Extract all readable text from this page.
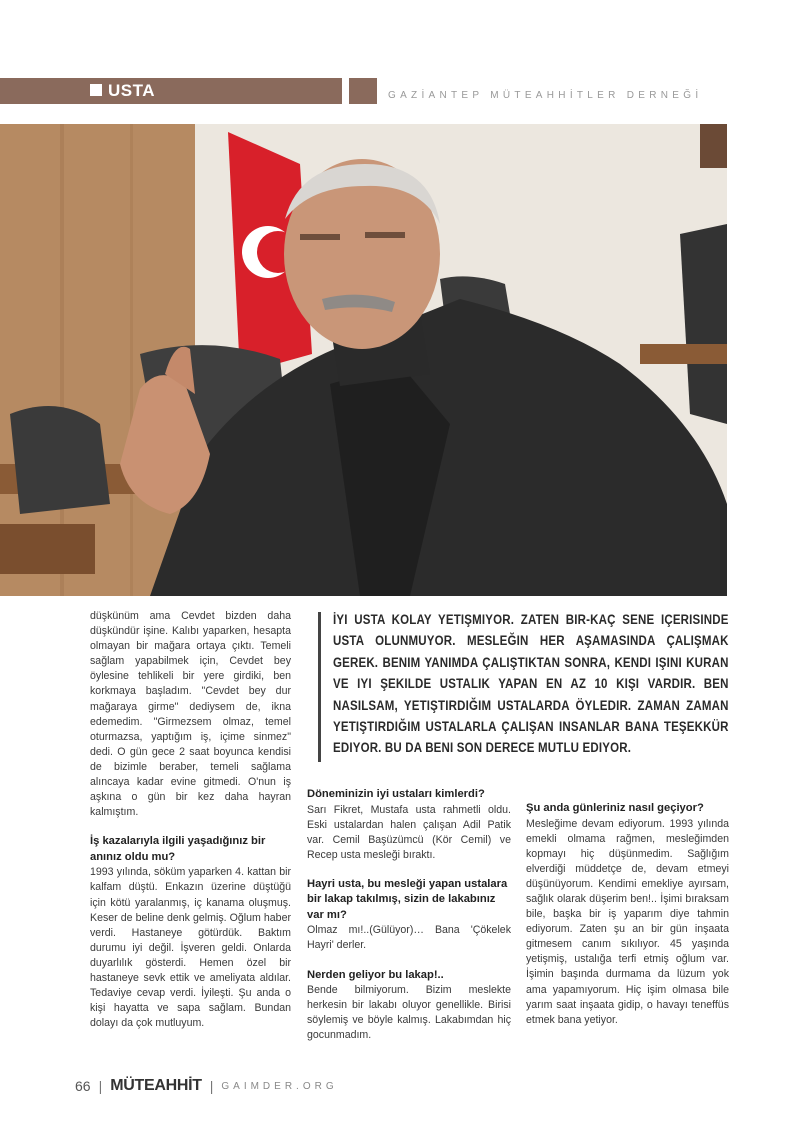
USTA	GAZİANTEP MÜTEAHHİTLER DERNEĞİ

düşkünüm ama Cevdet bizden daha düşkündür işine. Kalıbı yaparken, hesapta olmayan bir mağara ortaya çıktı. Temeli sağlam yapabilmek için, Cevdet bey öylesine tehlikeli bir yere girdiki, ben korkmaya başladım. "Cevdet bey dur mağaraya girme" dediysem de, ikna edemedim. "Girmezsem olmaz, temel oturmazsa, yaptığım iş, içime sinmez" dedi. O gün gece 2 saat boyunca kendisi de bizimle beraber, temeli sağlama alıncaya kadar evine gitmedi. O'nun iş aşkına o gün bir kez daha hayran kalmıştım.

İş kazalarıyla ilgili yaşadığınız bir anınız oldu mu?

1993 yılında, söküm yaparken 4. kattan bir kalfam düştü. Enkazın üzerine düştüğü için kötü yaralanmış, iç kanama oluşmuş. Keser de beline denk gelmiş. Oğlum haber verdi. Hastaneye götürdük. Baktım durumu iyi değil. İşveren geldi. Onlarda duyarlılık gösterdi. Hemen özel bir hastaneye sevk ettik ve ameliyata aldılar. Tedaviye cevap verdi. İyileşti. Şu anda o kişi hayatta ve sapa sağlam. Bundan dolayı da çok mutluyum.

İYI USTA KOLAY YETIŞMIYOR. ZATEN BIR-KAÇ SENE IÇERISINDE USTA OLUNMUYOR. MESLEĞIN HER AŞAMASINDA ÇALIŞMAK GEREK. BENIM YANIMDA ÇALIŞTIKTAN SONRA, KENDI IŞINI KURAN VE IYI ŞEKILDE USTALIK YAPAN EN AZ 10 KIŞI VARDIR. BEN NASILSAM, YETIŞTIRDIĞIM USTALARDA ÖYLEDIR. ZAMAN ZAMAN YETIŞTIRDIĞIM USTALARLA ÇALIŞAN INSANLAR BANA TEŞEKKÜR EDIYOR. BU DA BENI SON DERECE MUTLU EDIYOR.
Döneminizin iyi ustaları kimlerdi?

Sarı Fikret, Mustafa usta rahmetli oldu. Eski ustalardan halen çalışan Adil Patik var. Cemil Başüzümcü (Kör Cemil) ve Recep usta mesleği bıraktı.

Hayri usta, bu mesleği yapan ustalara bir lakap takılmış, sizin de lakabınız var mı?

Olmaz mı!..(Gülüyor)… Bana 'Çökelek Hayri' derler.

Nerden geliyor bu lakap!..

Bende bilmiyorum. Bizim meslekte herkesin bir lakabı oluyor genellikle. Birisi söylemiş ve böyle kalmış. Lakabımdan hiç gocunmadım.

Şu anda günleriniz nasıl geçiyor?

Mesleğime devam ediyorum. 1993 yılında emekli olmama rağmen, mesleğimden kopmayı hiç düşünmedim. Sağlığım elverdiği müddetçe de, devam etmeyi düşünüyorum. Kendimi emekliye ayırsam, sağlık olarak düşerim ben!.. İşimi bıraksam bile, başka bir iş yaparım diye tahmin ediyorum. Zaten şu an bir gün inşaata gitmesem canım sıkılıyor. 45 yaşında yetişmiş, ustalığa terfi etmiş oğlum var. İşimin başında durmama da lüzum yok ama yapamıyorum. Hiç işim olmasa bile yarım saat inşaata gidip, o havayı teneffüs etmek bana yetiyor.

66 | MÜTEAHHİT | GAIMDER.ORG
